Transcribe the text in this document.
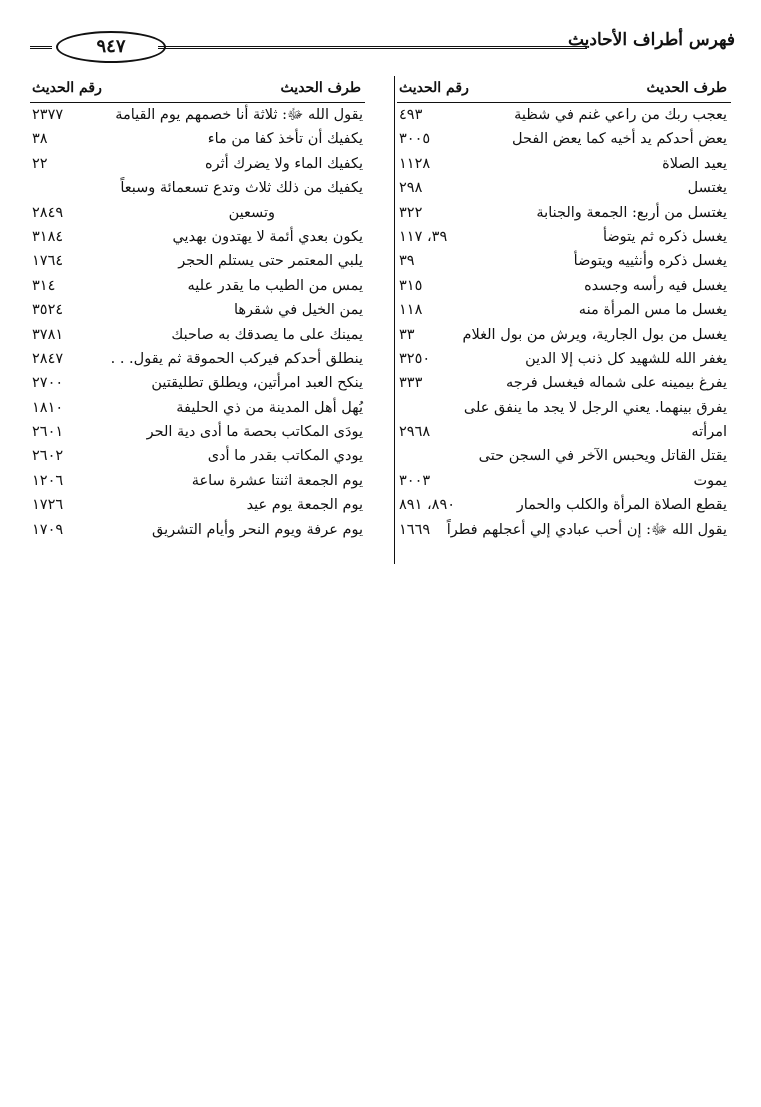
فهرس أطراف الأحاديث
٩٤٧
طرف الحديث
رقم الحديث
يعجب ربك من راعي غنم في شظية
٤٩٣
يعض أحدكم يد أخيه كما يعض الفحل
٣٠٠٥
يعيد الصلاة
١١٢٨
يغتسل
٢٩٨
يغتسل من أربع: الجمعة والجنابة
٣٢٢
يغسل ذكره ثم يتوضأ
٣٩، ١١٧
يغسل ذكره وأنثييه ويتوضأ
٣٩
يغسل فيه رأسه وجسده
٣١٥
يغسل ما مس المرأة منه
١١٨
يغسل من بول الجارية، ويرش من بول الغلام
٣٣
يغفر الله للشهيد كل ذنب إلا الدين
٣٢٥٠
يفرغ بيمينه على شماله فيغسل فرجه
٣٣٣
يفرق بينهما. يعني الرجل لا يجد ما ينفق على
امرأته
٢٩٦٨
يقتل القاتل ويحبس الآخر في السجن حتى
يموت
٣٠٠٣
يقطع الصلاة المرأة والكلب والحمار
٨٩٠، ٨٩١
يقول الله ﷻ: إن أحب عبادي إلي أعجلهم فطراً
١٦٦٩
طرف الحديث
رقم الحديث
يقول الله ﷻ: ثلاثة أنا خصمهم يوم القيامة
٢٣٧٧
يكفيك أن تأخذ كفا من ماء
٣٨
يكفيك الماء ولا يضرك أثره
٢٢
يكفيك من ذلك ثلاث وتدع تسعمائة وسبعاً
وتسعين
٢٨٤٩
يكون بعدي أئمة لا يهتدون بهديي
٣١٨٤
يلبي المعتمر حتى يستلم الحجر
١٧٦٤
يمس من الطيب ما يقدر عليه
٣١٤
يمن الخيل في شقرها
٣٥٢٤
يمينك على ما يصدقك به صاحبك
٣٧٨١
ينطلق أحدكم فيركب الحموقة ثم يقول. . .
٢٨٤٧
ينكح العبد امرأتين، ويطلق تطليقتين
٢٧٠٠
يُهل أهل المدينة من ذي الحليفة
١٨١٠
يودَى المكاتب بحصة ما أدى دية الحر
٢٦٠١
يودي المكاتب بقدر ما أدى
٢٦٠٢
يوم الجمعة اثنتا عشرة ساعة
١٢٠٦
يوم الجمعة يوم عيد
١٧٢٦
يوم عرفة ويوم النحر وأيام التشريق
١٧٠٩
